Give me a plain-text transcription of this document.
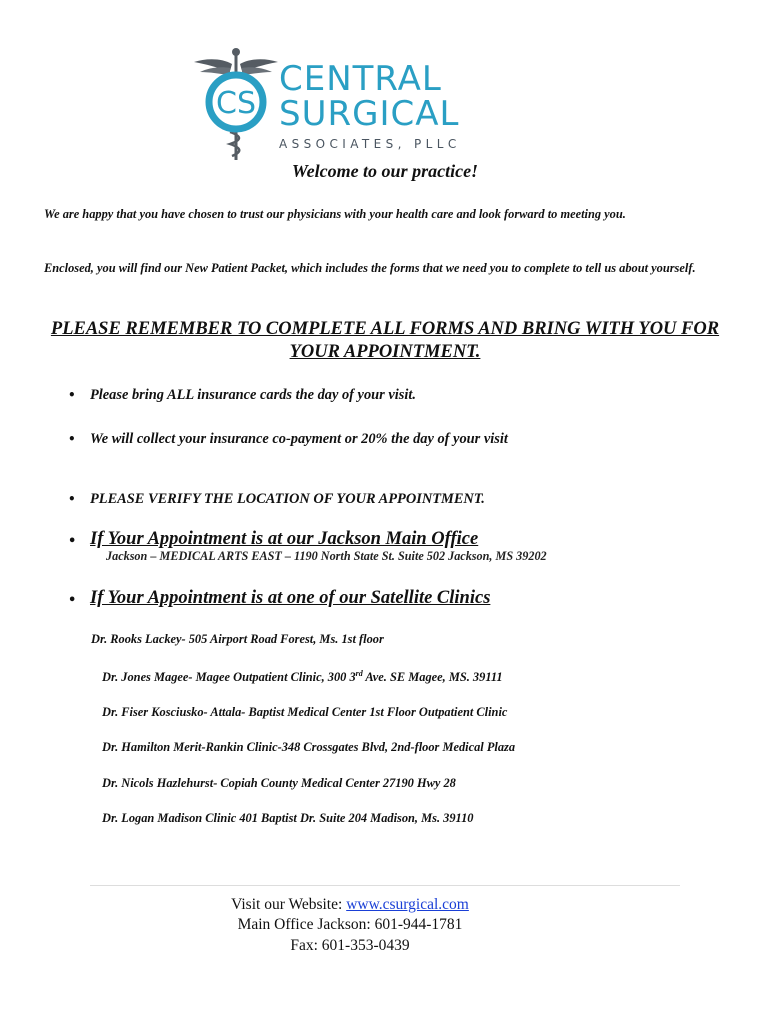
CS
CENTRAL
SURGICAL
ASSOCIATES, PLLC
Welcome to our practice!
We are happy that you have chosen to trust our physicians with your health care and look forward to meeting you.
Enclosed, you will find our New Patient Packet, which includes the forms that we need you to complete to tell us about yourself.
PLEASE REMEMBER TO COMPLETE ALL FORMS AND BRING WITH YOU FOR YOUR APPOINTMENT.
• Please bring ALL insurance cards the day of your visit.
• We will collect your insurance co-payment or 20% the day of your visit
• PLEASE VERIFY THE LOCATION OF YOUR APPOINTMENT.
• If Your Appointment is at our Jackson Main Office
Jackson – MEDICAL ARTS EAST – 1190 North State St. Suite 502 Jackson, MS 39202
• If Your Appointment is at one of our Satellite Clinics
Dr. Rooks Lackey- 505 Airport Road Forest, Ms. 1st floor
Dr. Jones Magee- Magee Outpatient Clinic, 300 3rd Ave. SE Magee, MS. 39111
Dr. Fiser Kosciusko- Attala- Baptist Medical Center 1st Floor Outpatient Clinic
Dr. Hamilton Merit-Rankin Clinic-348 Crossgates Blvd, 2nd-floor Medical Plaza
Dr. Nicols Hazlehurst- Copiah County Medical Center 27190 Hwy 28
Dr. Logan Madison Clinic 401 Baptist Dr. Suite 204 Madison, Ms. 39110
Visit our Website: www.csurgical.com
Main Office Jackson: 601-944-1781
Fax: 601-353-0439
